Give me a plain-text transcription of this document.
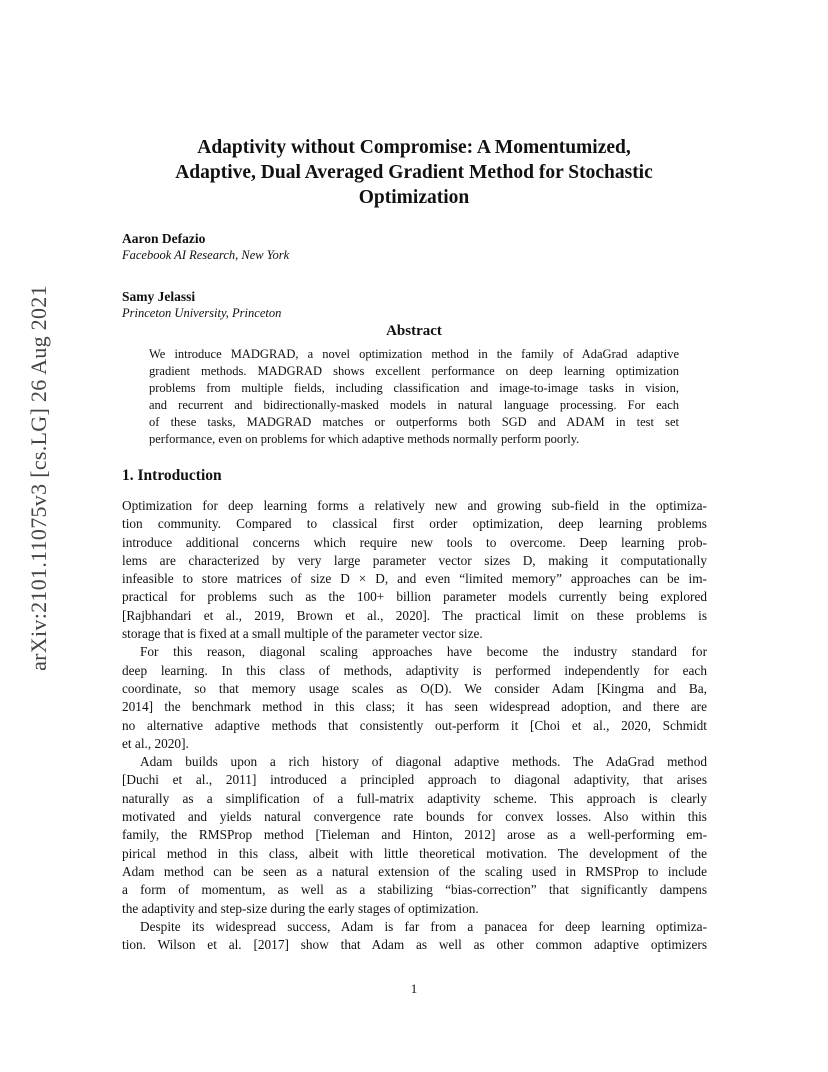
arXiv:2101.11075v3 [cs.LG] 26 Aug 2021
Adaptivity without Compromise: A Momentumized,
Adaptive, Dual Averaged Gradient Method for Stochastic
Optimization
Aaron Defazio
Facebook AI Research, New York
Samy Jelassi
Princeton University, Princeton
Abstract
We introduce MADGRAD, a novel optimization method in the family of AdaGrad adaptive
gradient methods. MADGRAD shows excellent performance on deep learning optimization
problems from multiple fields, including classification and image-to-image tasks in vision,
and recurrent and bidirectionally-masked models in natural language processing. For each
of these tasks, MADGRAD matches or outperforms both SGD and ADAM in test set
performance, even on problems for which adaptive methods normally perform poorly.
1. Introduction
Optimization for deep learning forms a relatively new and growing sub-field in the optimiza-
tion community. Compared to classical first order optimization, deep learning problems
introduce additional concerns which require new tools to overcome. Deep learning prob-
lems are characterized by very large parameter vector sizes D, making it computationally
infeasible to store matrices of size D × D, and even “limited memory” approaches can be im-
practical for problems such as the 100+ billion parameter models currently being explored
[Rajbhandari et al., 2019, Brown et al., 2020]. The practical limit on these problems is
storage that is fixed at a small multiple of the parameter vector size.
For this reason, diagonal scaling approaches have become the industry standard for
deep learning. In this class of methods, adaptivity is performed independently for each
coordinate, so that memory usage scales as O(D). We consider Adam [Kingma and Ba,
2014] the benchmark method in this class; it has seen widespread adoption, and there are
no alternative adaptive methods that consistently out-perform it [Choi et al., 2020, Schmidt
et al., 2020].
Adam builds upon a rich history of diagonal adaptive methods. The AdaGrad method
[Duchi et al., 2011] introduced a principled approach to diagonal adaptivity, that arises
naturally as a simplification of a full-matrix adaptivity scheme. This approach is clearly
motivated and yields natural convergence rate bounds for convex losses. Also within this
family, the RMSProp method [Tieleman and Hinton, 2012] arose as a well-performing em-
pirical method in this class, albeit with little theoretical motivation. The development of the
Adam method can be seen as a natural extension of the scaling used in RMSProp to include
a form of momentum, as well as a stabilizing “bias-correction” that significantly dampens
the adaptivity and step-size during the early stages of optimization.
Despite its widespread success, Adam is far from a panacea for deep learning optimiza-
tion. Wilson et al. [2017] show that Adam as well as other common adaptive optimizers
1
